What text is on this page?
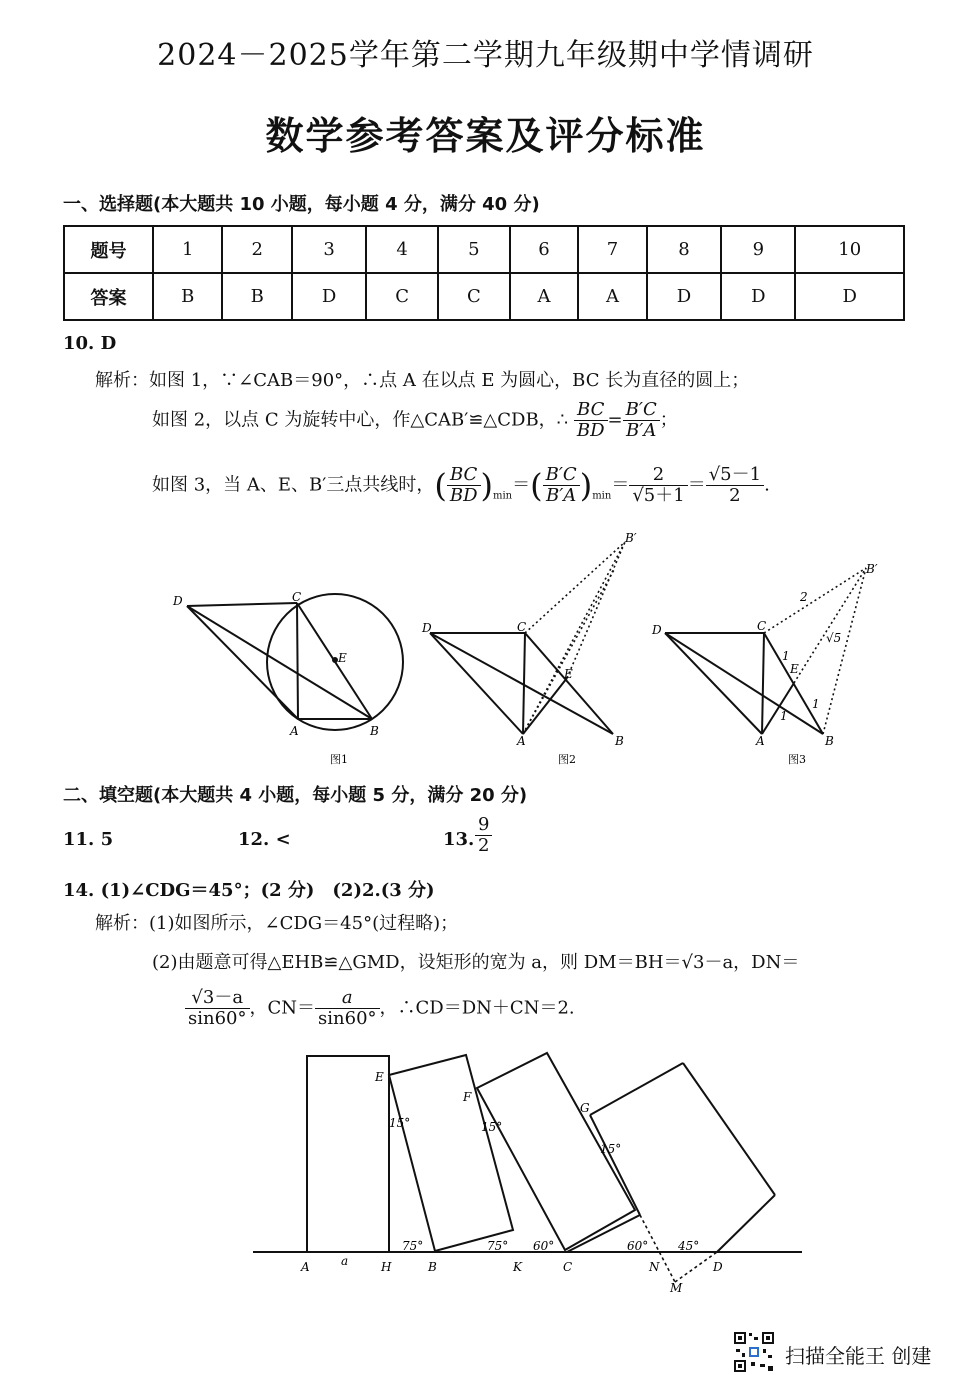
2024－2025学年第二学期九年级期中学情调研
数学参考答案及评分标准
一、选择题(本大题共 10 小题，每小题 4 分，满分 40 分)
题号	1	2	3	4	5	6	7	8	9	10
答案	B	B	D	C	C	A	A	D	D	D
10. D
解析：如图 1，∵∠CAB＝90°，∴点 A 在以点 E 为圆心，BC 长为直径的圆上；
如图 2，以点 C 为旋转中心，作△CAB′≌△CDB，∴ $\frac{BC}{BD} = \frac{B'C}{B'A}$ ；
如图 3，当 A、E、B′三点共线时，( $\frac{BC}{BD} )_{min}=( \frac{B'C}{B'A} )_{min}= \frac{2}{√5+1} = \frac{√5-1}{2}$ .
D	C
E
A	B
图1
D	C
E
A	B
B′
图2
D	C
E
A	B
B′
2
√5
1
1
1
图3
二、填空题(本大题共 4 小题，每小题 5 分，满分 20 分)
11. 5	12. <	13. $\frac{9}{2}$
14. (1)∠CDG＝45°；(2 分)　(2)2.(3 分)
解析：(1)如图所示，∠CDG＝45°(过程略)；
(2)由题意可得△EHB≌△GMD，设矩形的宽为 a，则 DM＝BH＝√3－a，DN＝
$\frac{√3-a}{\sin 60^\circ}$ ，$CN= \frac{a}{\sin 60^\circ}$ ，∴CD＝DN＋CN＝2.
A	a	H	B	K	C	N	D
M
E
F
G
15°	15°
15°
75°	75° 60°	60° 45°
扫描全能王 创建
